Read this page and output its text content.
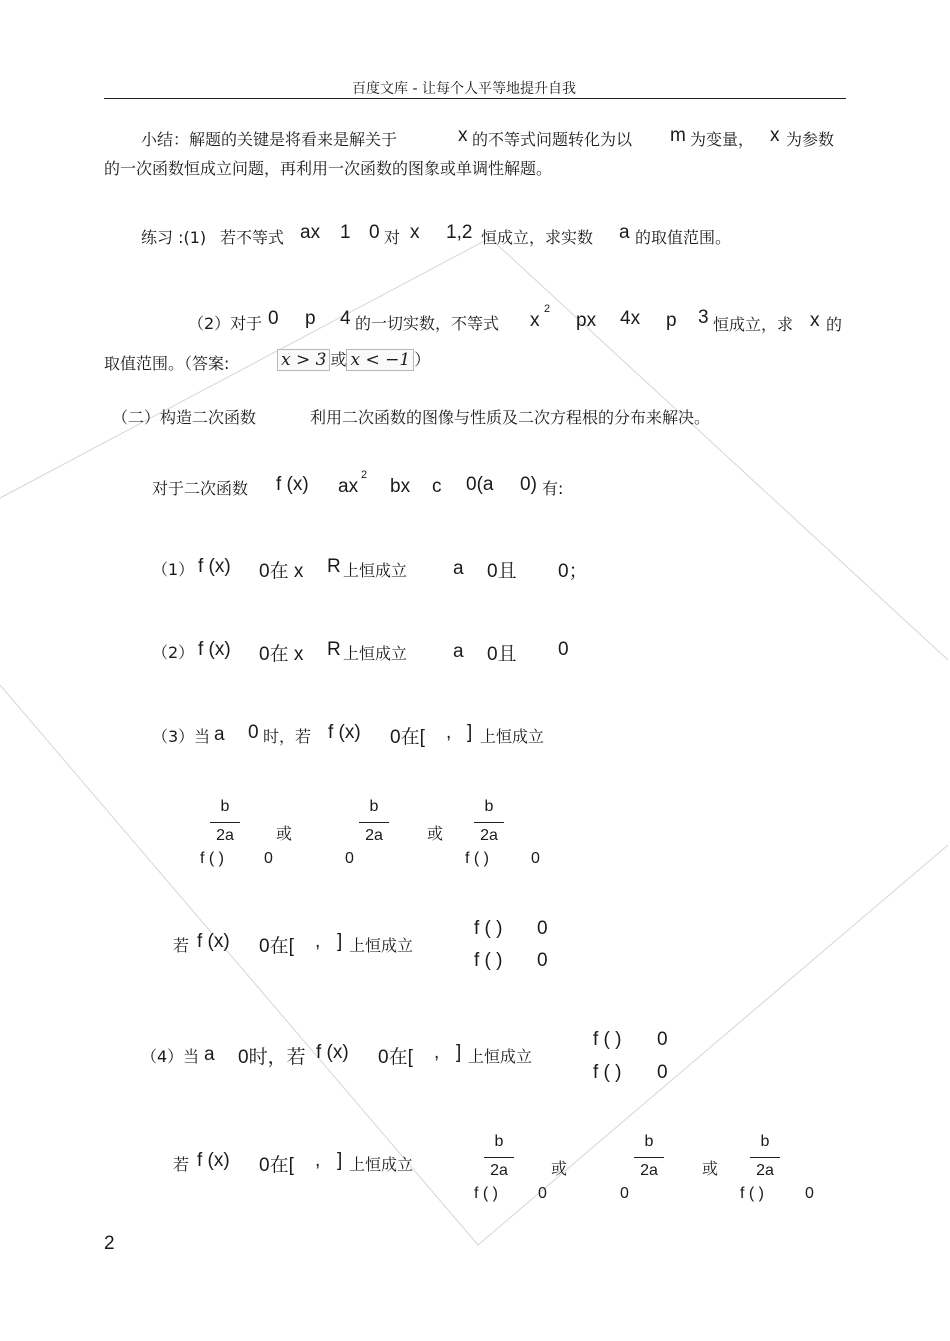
百度文库 - 让每个人平等地提升自我
小结：解题的关键是将看来是解关于	x 的不等式问题转化为以 m 为变量， x 为参数
的一次函数恒成立问题，再利用一次函数的图象或单调性解题。
练习 :(1) 若不等式 ax 1 0 对 x 1,2 恒成立，求实数 a 的取值范围。
（2）对于 0 p 4 的一切实数，不等式 x
2
px 4x p 3 恒成立，求 x 的
取值范围。（答案:	x > 3 或 x < −1 ）
（二）构造二次函数	利用二次函数的图像与性质及二次方程根的分布来解决。
对于二次函数 f (x) ax
2
bx c 0(a 0) 有:
（1） f (x) 0在 x R 上恒成立 a 0且 0；
（2） f (x) 0在 x R 上恒成立 a 0且 0
（3）当 a 0 时，若 f (x) 0在[ , ] 上恒成立
b
2a	或
b
2a	或
b
2a
f ( )	0	0	f ( )	0
若 f (x) 0在[ , ] 上恒成立
f ( ) 0
f ( ) 0
（4）当 a 0时，若 f (x) 0在[ , ] 上恒成立
f ( ) 0
f ( ) 0
若 f (x) 0在[ , ] 上恒成立
b
2a	或
b
2a	或
b
2a
f ( )	0	0	f ( )	0
2
